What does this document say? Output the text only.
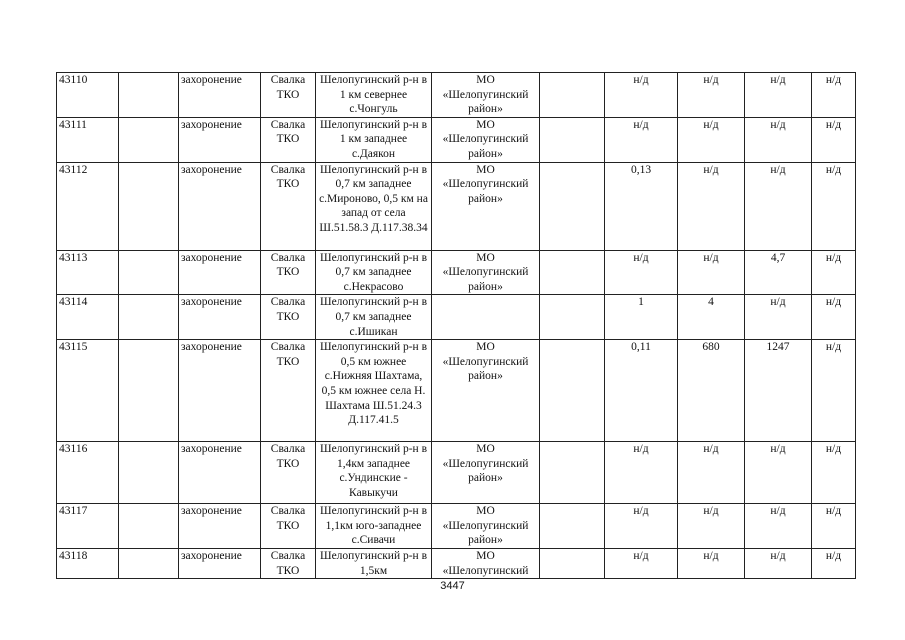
43110		захоронение	Свалка ТКО	Шелопугинский р-н в 1 км севернее с.Чонгуль	МО «Шелопугинский район»		н/д	н/д	н/д	н/д
43111		захоронение	Свалка ТКО	Шелопугинский р-н в 1 км западнее с.Даякон	МО «Шелопугинский район»		н/д	н/д	н/д	н/д
43112		захоронение	Свалка ТКО	Шелопугинский р-н в 0,7 км западнее с.Мироново, 0,5 км на запад от села Ш.51.58.3 Д.117.38.34	МО «Шелопугинский район»		0,13	н/д	н/д	н/д
43113		захоронение	Свалка ТКО	Шелопугинский р-н в 0,7 км западнее с.Некрасово	МО «Шелопугинский район»		н/д	н/д	4,7	н/д
43114		захоронение	Свалка ТКО	Шелопугинский р-н в 0,7 км западнее с.Ишикан			1	4	н/д	н/д
43115		захоронение	Свалка ТКО	Шелопугинский р-н в 0,5 км южнее с.Нижняя Шахтама, 0,5 км южнее села Н. Шахтама Ш.51.24.3 Д.117.41.5	МО «Шелопугинский район»		0,11	680	1247	н/д
43116		захоронение	Свалка ТКО	Шелопугинский р-н в 1,4км западнее с.Ундинские - Кавыкучи	МО «Шелопугинский район»		н/д	н/д	н/д	н/д
43117		захоронение	Свалка ТКО	Шелопугинский р-н в 1,1км юго-западнее с.Сивачи	МО «Шелопугинский район»		н/д	н/д	н/д	н/д
43118		захоронение	Свалка ТКО	Шелопугинский р-н в 1,5км	МО «Шелопугинский		н/д	н/д	н/д	н/д
3447
